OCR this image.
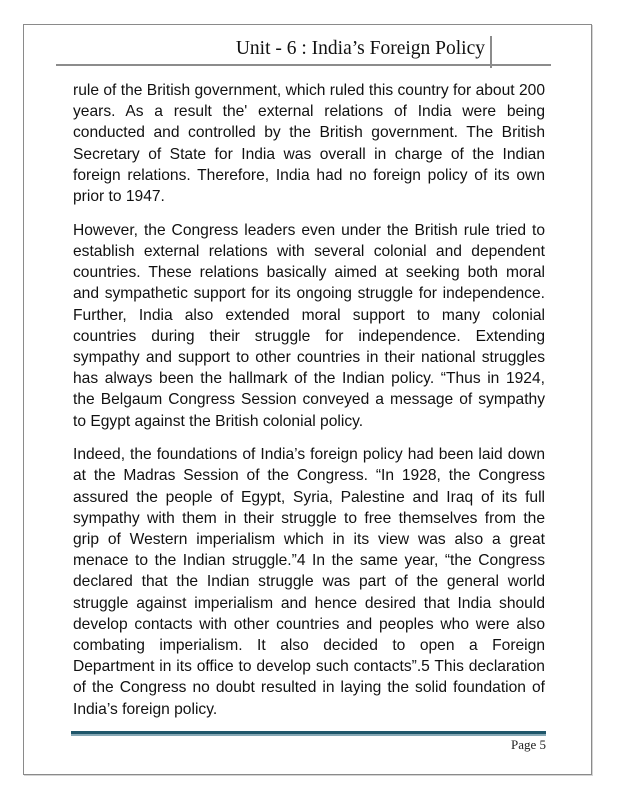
Unit - 6 : India’s Foreign Policy

rule of the British government, which ruled this country for about 200 years. As a result the' external relations of India were being conducted and controlled by the British government. The British Secretary of State for India was overall in charge of the Indian foreign relations. Therefore, India had no foreign policy of its own prior to 1947.

However, the Congress leaders even under the British rule tried to establish external relations with several colonial and dependent countries. These relations basically aimed at seeking both moral and sympathetic support for its ongoing struggle for independence. Further, India also extended moral support to many colonial countries during their struggle for independence. Extending sympathy and support to other countries in their national struggles has always been the hallmark of the Indian policy. “Thus in 1924, the Belgaum Congress Session conveyed a message of sympathy to Egypt against the British colonial policy.

Indeed, the foundations of India’s foreign policy had been laid down at the Madras Session of the Congress. “In 1928, the Congress assured the people of Egypt, Syria, Palestine and Iraq of its full sympathy with them in their struggle to free themselves from the grip of Western imperialism which in its view was also a great menace to the Indian struggle.”4 In the same year, “the Congress declared that the Indian struggle was part of the general world struggle against imperialism and hence desired that India should develop contacts with other countries and peoples who were also combating imperialism. It also decided to open a Foreign Department in its office to develop such contacts”.5 This declaration of the Congress no doubt resulted in laying the solid foundation of India’s foreign policy.

Page 5
